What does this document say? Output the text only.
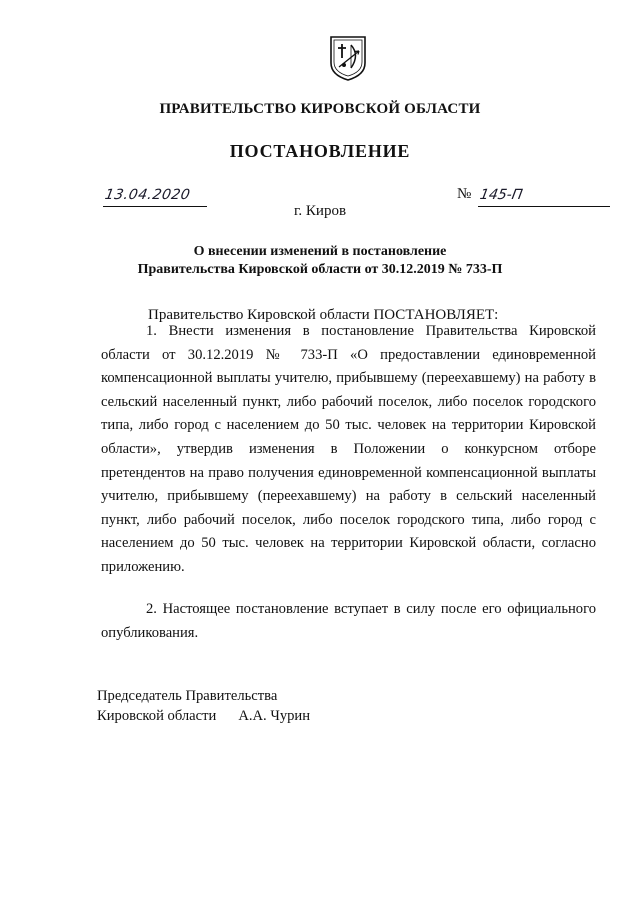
ПРАВИТЕЛЬСТВО КИРОВСКОЙ ОБЛАСТИ
ПОСТАНОВЛЕНИЕ
13.04.2020	№ 145-П
г. Киров
О внесении изменений в постановление
Правительства Кировской области от 30.12.2019 № 733-П
Правительство Кировской области ПОСТАНОВЛЯЕТ:
1. Внести изменения в постановление Правительства Кировской области от 30.12.2019 № 733-П «О предоставлении единовременной компенсационной выплаты учителю, прибывшему (переехавшему) на работу в сельский населенный пункт, либо рабочий поселок, либо поселок городского типа, либо город с населением до 50 тыс. человек на территории Кировской области», утвердив изменения в Положении о конкурсном отборе претендентов на право получения единовременной компенсационной выплаты учителю, прибывшему (переехавшему) на работу в сельский населенный пункт, либо рабочий поселок, либо поселок городского типа, либо город с населением до 50 тыс. человек на территории Кировской области, согласно приложению.
2. Настоящее постановление вступает в силу после его официального опубликования.
Председатель Правительства
Кировской области А.А. Чурин
